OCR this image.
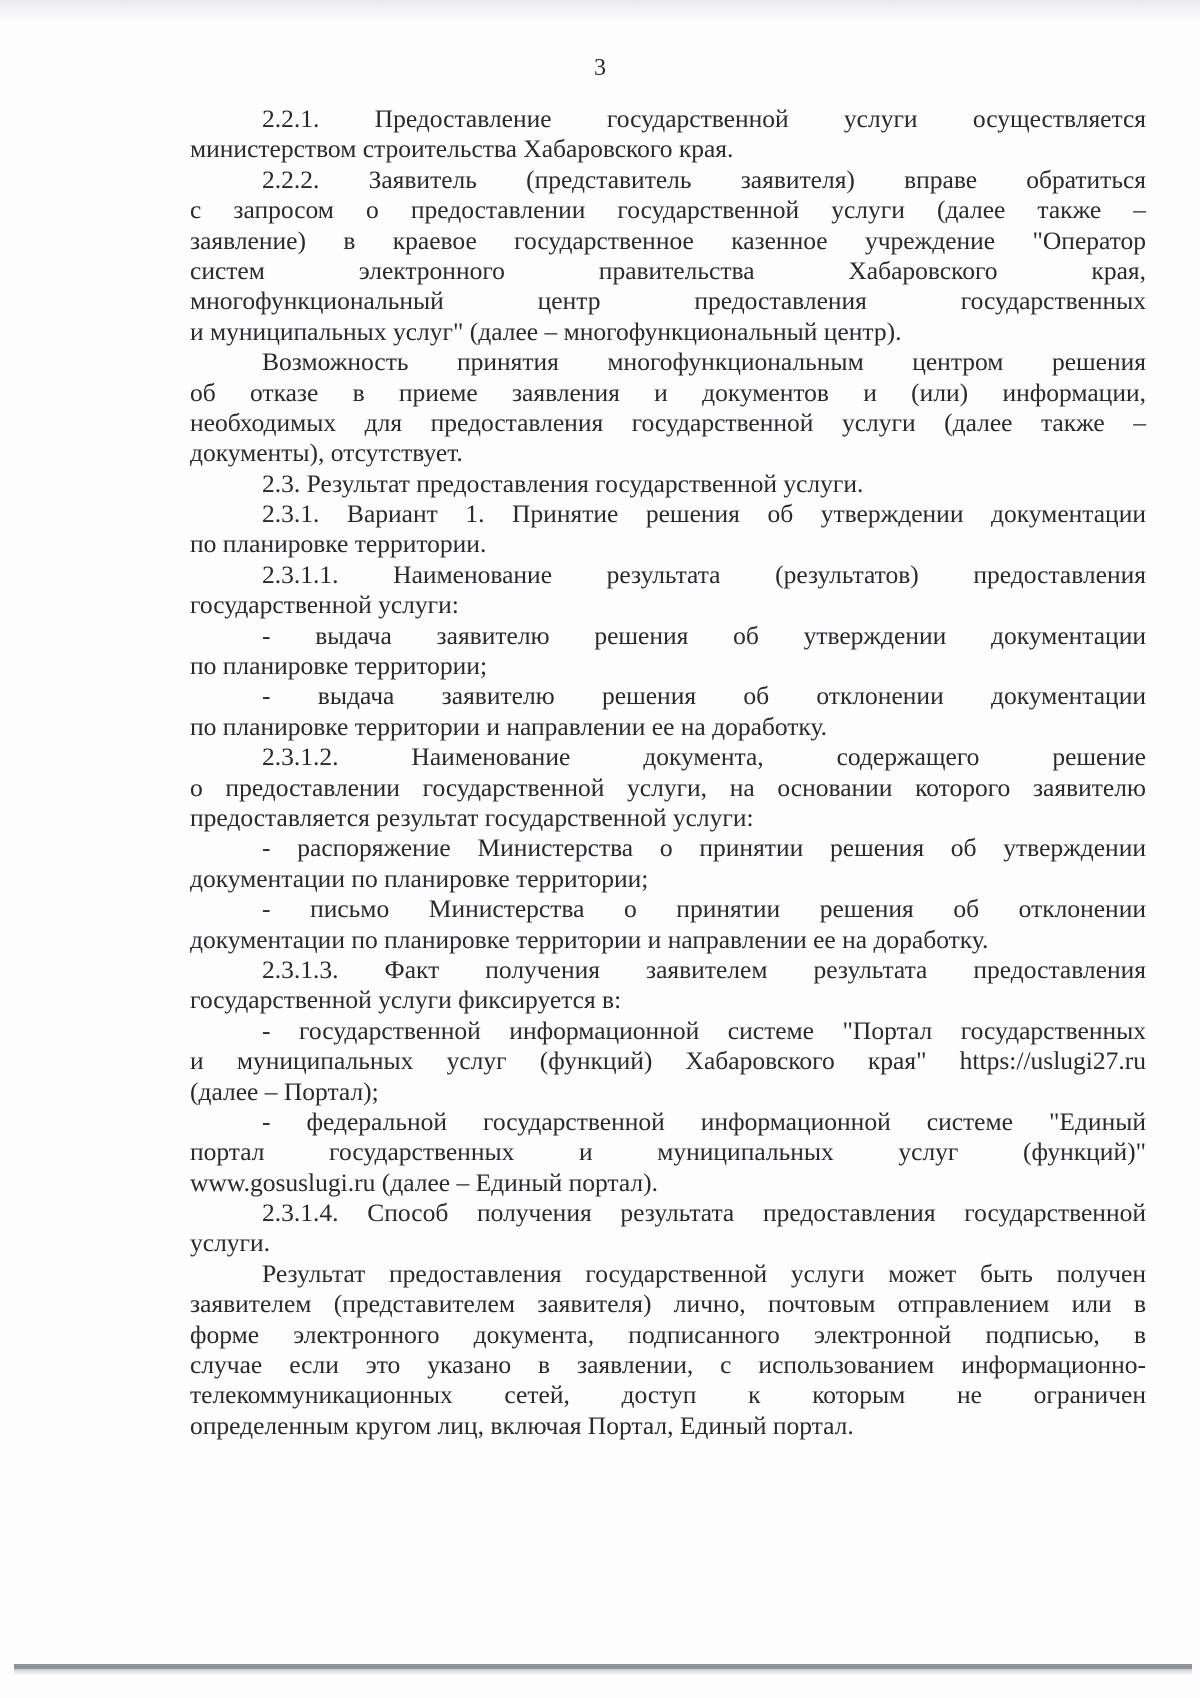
3
2.2.1. Предоставление государственной услуги осуществляется
министерством строительства Хабаровского края.
2.2.2. Заявитель (представитель заявителя) вправе обратиться
с запросом о предоставлении государственной услуги (далее также –
заявление) в краевое государственное казенное учреждение "Оператор
систем электронного правительства Хабаровского края,
многофункциональный центр предоставления государственных
и муниципальных услуг" (далее – многофункциональный центр).
Возможность принятия многофункциональным центром решения
об отказе в приеме заявления и документов и (или) информации,
необходимых для предоставления государственной услуги (далее также –
документы), отсутствует.
2.3. Результат предоставления государственной услуги.
2.3.1. Вариант 1. Принятие решения об утверждении документации
по планировке территории.
2.3.1.1. Наименование результата (результатов) предоставления
государственной услуги:
- выдача заявителю решения об утверждении документации
по планировке территории;
- выдача заявителю решения об отклонении документации
по планировке территории и направлении ее на доработку.
2.3.1.2. Наименование документа, содержащего решение
о предоставлении государственной услуги, на основании которого заявителю
предоставляется результат государственной услуги:
- распоряжение Министерства о принятии решения об утверждении
документации по планировке территории;
- письмо Министерства о принятии решения об отклонении
документации по планировке территории и направлении ее на доработку.
2.3.1.3. Факт получения заявителем результата предоставления
государственной услуги фиксируется в:
- государственной информационной системе "Портал государственных
и муниципальных услуг (функций) Хабаровского края" https://uslugi27.ru
(далее – Портал);
- федеральной государственной информационной системе "Единый
портал государственных и муниципальных услуг (функций)"
www.gosuslugi.ru (далее – Единый портал).
2.3.1.4. Способ получения результата предоставления государственной
услуги.
Результат предоставления государственной услуги может быть получен
заявителем (представителем заявителя) лично, почтовым отправлением или в
форме электронного документа, подписанного электронной подписью, в
случае если это указано в заявлении, с использованием информационно-
телекоммуникационных сетей, доступ к которым не ограничен
определенным кругом лиц, включая Портал, Единый портал.
